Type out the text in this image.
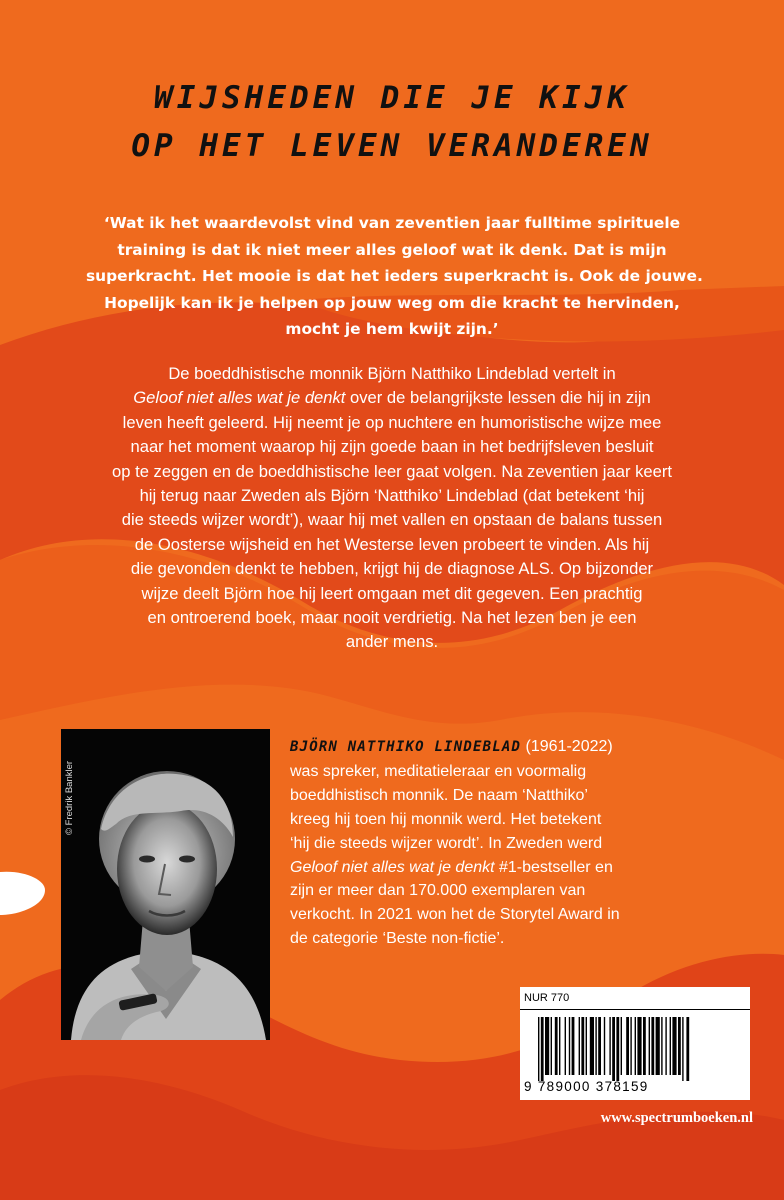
WIJSHEDEN DIE JE KIJK
OP HET LEVEN VERANDEREN
‘Wat ik het waardevolst vind van zeventien jaar fulltime spirituele
training is dat ik niet meer alles geloof wat ik denk. Dat is mijn
superkracht. Het mooie is dat het ieders superkracht is. Ook de jouwe.
Hopelijk kan ik je helpen op jouw weg om die kracht te hervinden,
mocht je hem kwijt zijn.’
De boeddhistische monnik Björn Natthiko Lindeblad vertelt in
Geloof niet alles wat je denkt over de belangrijkste lessen die hij in zijn
leven heeft geleerd. Hij neemt je op nuchtere en humoristische wijze mee
naar het moment waarop hij zijn goede baan in het bedrijfsleven besluit
op te zeggen en de boeddhistische leer gaat volgen. Na zeventien jaar keert
hij terug naar Zweden als Björn ‘Natthiko’ Lindeblad (dat betekent ‘hij
die steeds wijzer wordt’), waar hij met vallen en opstaan de balans tussen
de Oosterse wijsheid en het Westerse leven probeert te vinden. Als hij
die gevonden denkt te hebben, krijgt hij de diagnose ALS. Op bijzonder
wijze deelt Björn hoe hij leert omgaan met dit gegeven. Een prachtig
en ontroerend boek, maar nooit verdrietig. Na het lezen ben je een
ander mens.
© Fredrik Bankler
BJÖRN NATTHIKO LINDEBLAD (1961-2022)
was spreker, meditatieleraar en voormalig
boeddhistisch monnik. De naam ‘Natthiko’
kreeg hij toen hij monnik werd. Het betekent
‘hij die steeds wijzer wordt’. In Zweden werd
Geloof niet alles wat je denkt #1-bestseller en
zijn er meer dan 170.000 exemplaren van
verkocht. In 2021 won het de Storytel Award in
de categorie ‘Beste non-fictie’.
NUR 770
9 789000 378159
www.spectrumboeken.nl
